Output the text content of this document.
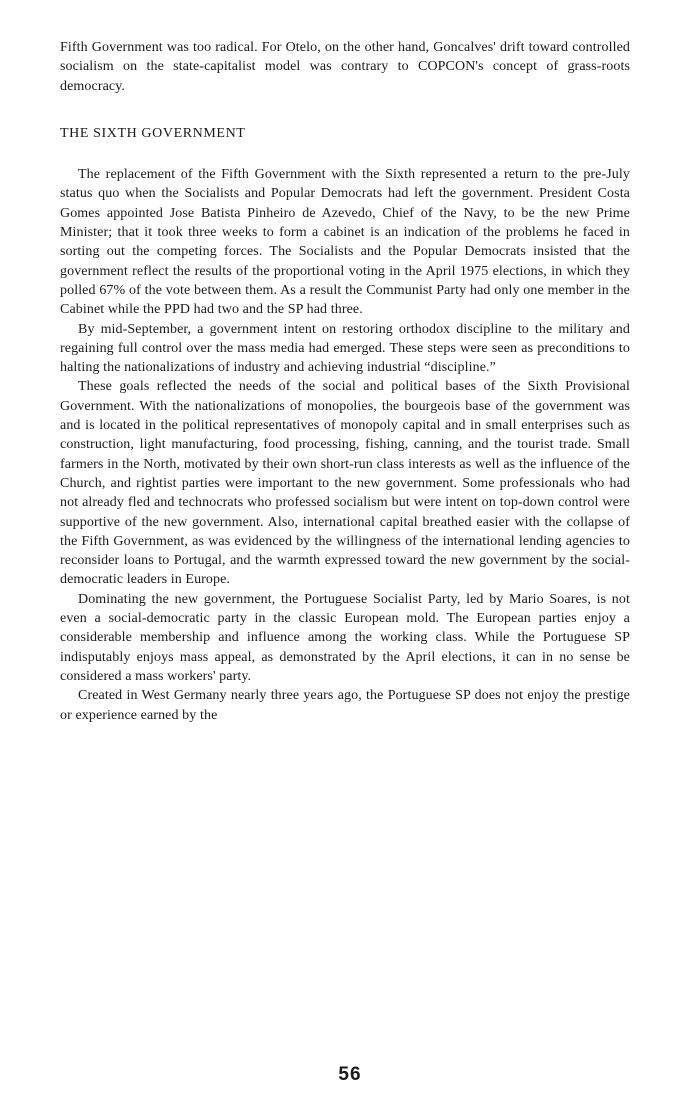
Fifth Government was too radical. For Otelo, on the other hand, Goncalves' drift toward controlled socialism on the state-capitalist model was contrary to COPCON's concept of grass-roots democracy.

THE SIXTH GOVERNMENT

The replacement of the Fifth Government with the Sixth represented a return to the pre-July status quo when the Socialists and Popular Democrats had left the government. President Costa Gomes appointed Jose Batista Pinheiro de Azevedo, Chief of the Navy, to be the new Prime Minister; that it took three weeks to form a cabinet is an indication of the problems he faced in sorting out the competing forces. The Socialists and the Popular Democrats insisted that the government reflect the results of the proportional voting in the April 1975 elections, in which they polled 67% of the vote between them. As a result the Communist Party had only one member in the Cabinet while the PPD had two and the SP had three.

By mid-September, a government intent on restoring orthodox discipline to the military and regaining full control over the mass media had emerged. These steps were seen as preconditions to halting the nationalizations of industry and achieving industrial “discipline.”

These goals reflected the needs of the social and political bases of the Sixth Provisional Government. With the nationalizations of monopolies, the bourgeois base of the government was and is located in the political representatives of monopoly capital and in small enterprises such as construction, light manufacturing, food processing, fishing, canning, and the tourist trade. Small farmers in the North, motivated by their own short-run class interests as well as the influence of the Church, and rightist parties were important to the new government. Some professionals who had not already fled and technocrats who professed socialism but were intent on top-down control were supportive of the new government. Also, international capital breathed easier with the collapse of the Fifth Government, as was evidenced by the willingness of the international lending agencies to reconsider loans to Portugal, and the warmth expressed toward the new government by the social-democratic leaders in Europe.

Dominating the new government, the Portuguese Socialist Party, led by Mario Soares, is not even a social-democratic party in the classic European mold. The European parties enjoy a considerable membership and influence among the working class. While the Portuguese SP indisputably enjoys mass appeal, as demonstrated by the April elections, it can in no sense be considered a mass workers' party.

Created in West Germany nearly three years ago, the Portuguese SP does not enjoy the prestige or experience earned by the

56
